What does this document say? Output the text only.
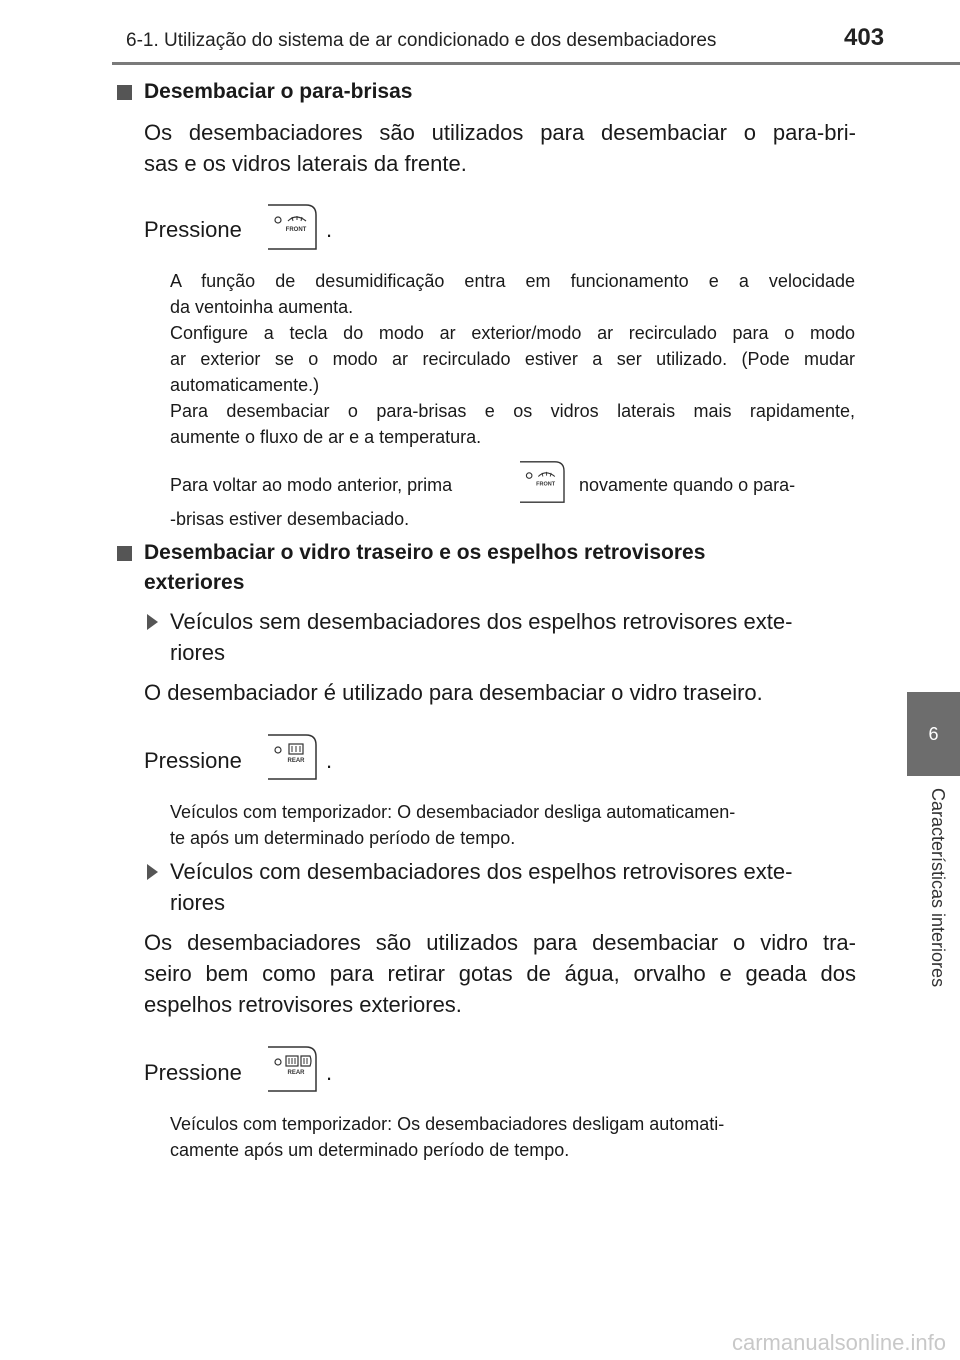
6-1. Utilização do sistema de ar condicionado e dos desembaciadores	403
6
Características interiores
Desembaciar o para-brisas
Os desembaciadores são utilizados para desembaciar o para-bri-
sas e os vidros laterais da frente.
Pressione	FRONT .
A função de desumidificação entra em funcionamento e a velocidade
da ventoinha aumenta.
Configure a tecla do modo ar exterior/modo ar recirculado para o modo
ar exterior se o modo ar recirculado estiver a ser utilizado. (Pode mudar
automaticamente.)
Para desembaciar o para-brisas e os vidros laterais mais rapidamente,
aumente o fluxo de ar e a temperatura.
Para voltar ao modo anterior, prima	FRONT novamente quando o para-
-brisas estiver desembaciado.
Desembaciar o vidro traseiro e os espelhos retrovisores
exteriores
Veículos sem desembaciadores dos espelhos retrovisores exte-
riores
O desembaciador é utilizado para desembaciar o vidro traseiro.
Pressione	REAR .
Veículos com temporizador: O desembaciador desliga automaticamen-
te após um determinado período de tempo.
Veículos com desembaciadores dos espelhos retrovisores exte-
riores
Os desembaciadores são utilizados para desembaciar o vidro tra-
seiro bem como para retirar gotas de água, orvalho e geada dos
espelhos retrovisores exteriores.
Pressione	REAR .
Veículos com temporizador: Os desembaciadores desligam automati-
camente após um determinado período de tempo.
carmanualsonline.info
